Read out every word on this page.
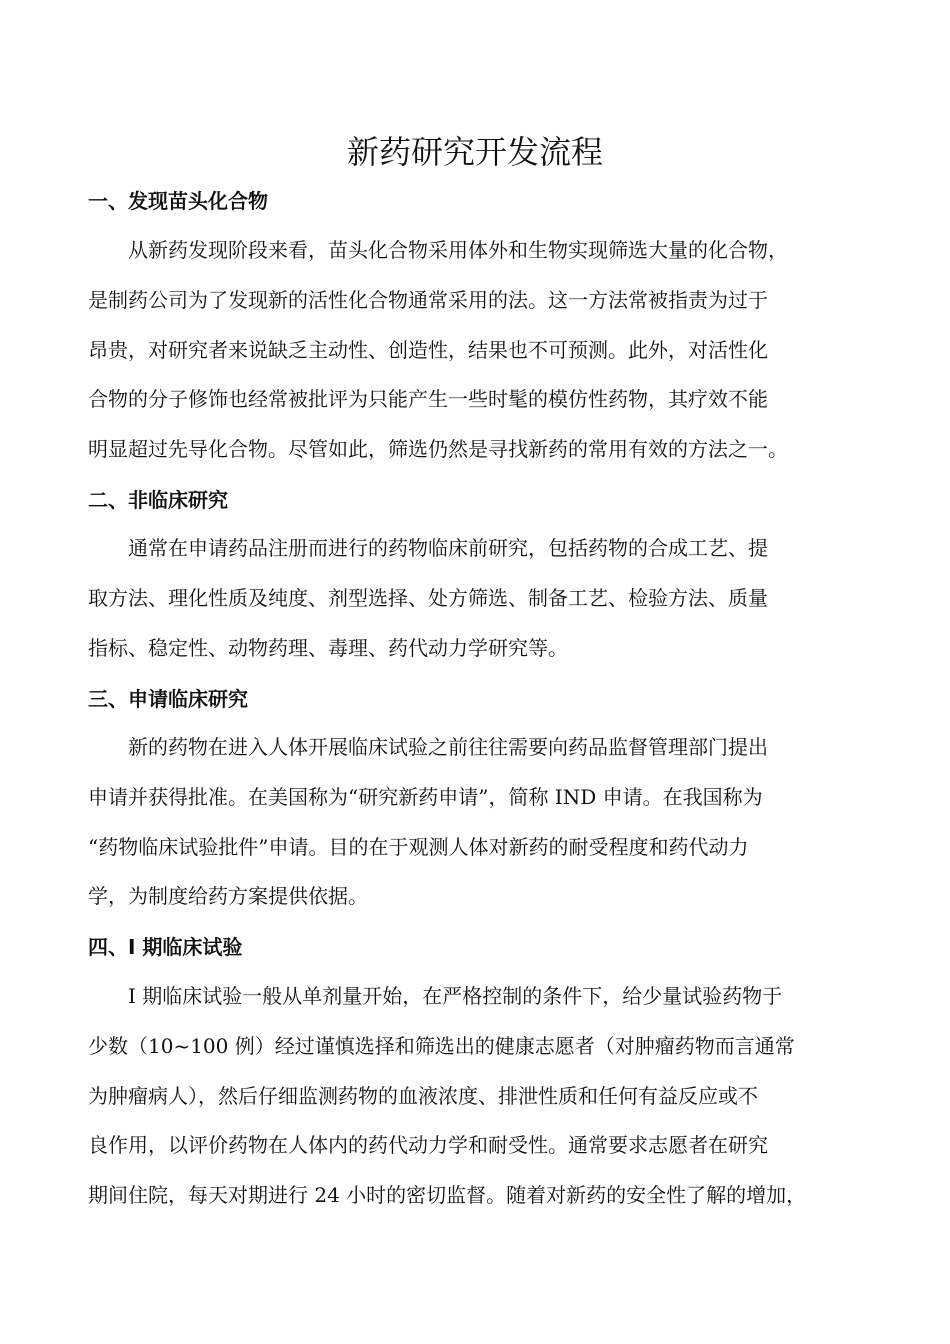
新药研究开发流程
一、发现苗头化合物
从新药发现阶段来看，苗头化合物采用体外和生物实现筛选大量的化合物，
是制药公司为了发现新的活性化合物通常采用的法。这一方法常被指责为过于
昂贵，对研究者来说缺乏主动性、创造性，结果也不可预测。此外，对活性化
合物的分子修饰也经常被批评为只能产生一些时髦的模仿性药物，其疗效不能
明显超过先导化合物。尽管如此，筛选仍然是寻找新药的常用有效的方法之一。
二、非临床研究
通常在申请药品注册而进行的药物临床前研究，包括药物的合成工艺、提
取方法、理化性质及纯度、剂型选择、处方筛选、制备工艺、检验方法、质量
指标、稳定性、动物药理、毒理、药代动力学研究等。
三、申请临床研究
新的药物在进入人体开展临床试验之前往往需要向药品监督管理部门提出
申请并获得批准。在美国称为“研究新药申请”，简称 IND 申请。在我国称为
“药物临床试验批件”申请。目的在于观测人体对新药的耐受程度和药代动力
学，为制度给药方案提供依据。
四、I 期临床试验
I 期临床试验一般从单剂量开始，在严格控制的条件下，给少量试验药物于
少数（10~100 例）经过谨慎选择和筛选出的健康志愿者（对肿瘤药物而言通常
为肿瘤病人），然后仔细监测药物的血液浓度、排泄性质和任何有益反应或不
良作用，以评价药物在人体内的药代动力学和耐受性。通常要求志愿者在研究
期间住院，每天对期进行 24 小时的密切监督。随着对新药的安全性了解的增加，
